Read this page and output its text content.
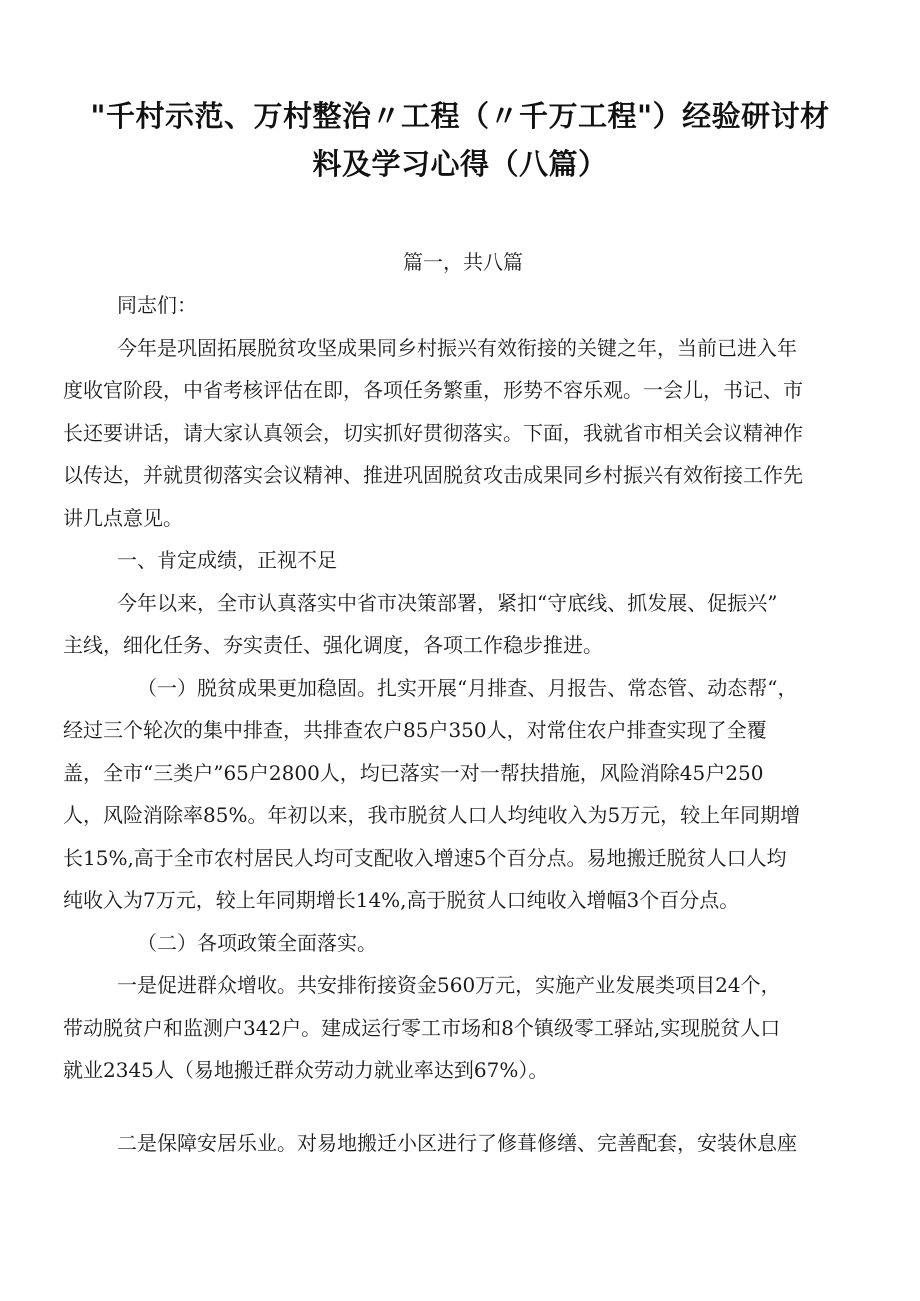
"千村示范、万村整治〃工程（〃千万工程"）经验研讨材
料及学习心得（八篇）

篇一，共八篇

同志们：

今年是巩固拓展脱贫攻坚成果同乡村振兴有效衔接的关键之年，当前已进入年
度收官阶段，中省考核评估在即，各项任务繁重，形势不容乐观。一会儿，书记、市
长还要讲话，请大家认真领会，切实抓好贯彻落实。下面，我就省市相关会议精神作
以传达，并就贯彻落实会议精神、推进巩固脱贫攻击成果同乡村振兴有效衔接工作先
讲几点意见。

一、肯定成绩，正视不足

今年以来，全市认真落实中省市决策部署，紧扣“守底线、抓发展、促振兴”
主线，细化任务、夯实责任、强化调度，各项工作稳步推进。

（一）脱贫成果更加稳固。扎实开展“月排查、月报告、常态管、动态帮“，
经过三个轮次的集中排查，共排查农户85户350人，对常住农户排查实现了全覆
盖，全市“三类户”65户2800人，均已落实一对一帮扶措施，风险消除45户250
人，风险消除率85%。年初以来，我市脱贫人口人均纯收入为5万元，较上年同期增
长15%,高于全市农村居民人均可支配收入增速5个百分点。易地搬迁脱贫人口人均
纯收入为7万元，较上年同期增长14%,高于脱贫人口纯收入增幅3个百分点。

（二）各项政策全面落实。

一是促进群众增收。共安排衔接资金560万元，实施产业发展类项目24个，
带动脱贫户和监测户342户。建成运行零工市场和8个镇级零工驿站,实现脱贫人口
就业2345人（易地搬迁群众劳动力就业率达到67%）。

二是保障安居乐业。对易地搬迁小区进行了修葺修缮、完善配套，安装休息座
